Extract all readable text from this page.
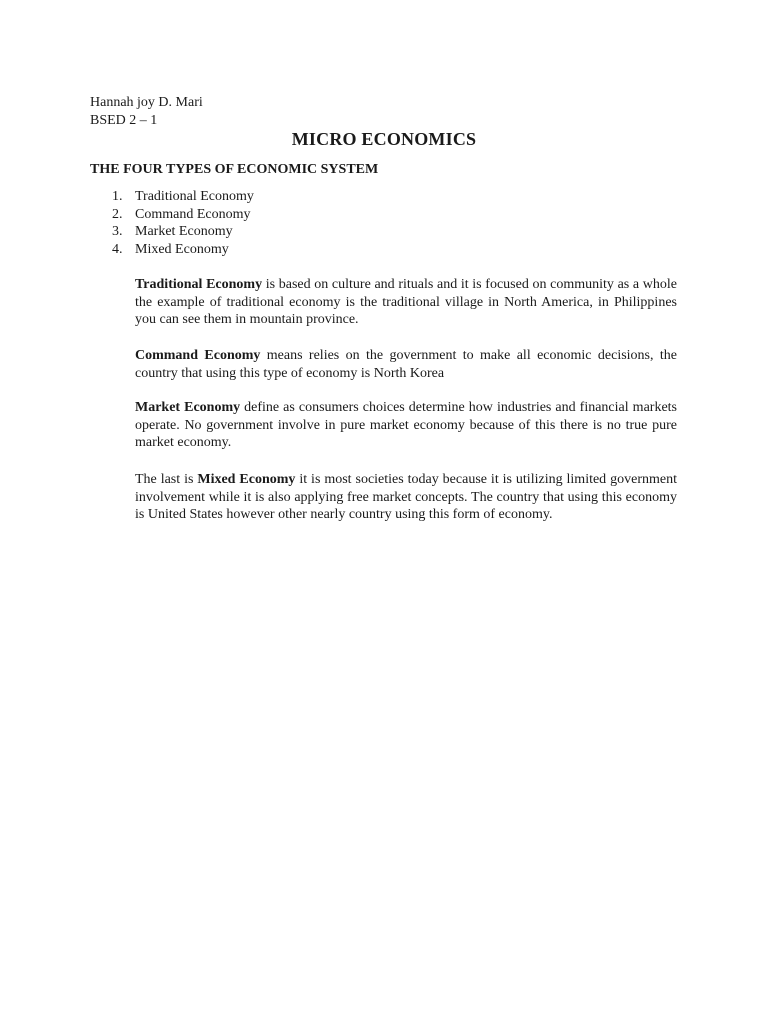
Hannah joy D. Mari
BSED 2 – 1
MICRO ECONOMICS
THE FOUR TYPES OF ECONOMIC SYSTEM
1. Traditional Economy
2. Command Economy
3. Market Economy
4. Mixed Economy

Traditional Economy is based on culture and rituals and it is focused on community as a whole the example of traditional economy is the traditional village in North America, in Philippines you can see them in mountain province.

Command Economy means relies on the government to make all economic decisions, the country that using this type of economy is North Korea

Market Economy define as consumers choices determine how industries and financial markets operate. No government involve in pure market economy because of this there is no true pure market economy.

The last is Mixed Economy it is most societies today because it is utilizing limited government involvement while it is also applying free market concepts. The country that using this economy is United States however other nearly country using this form of economy.
